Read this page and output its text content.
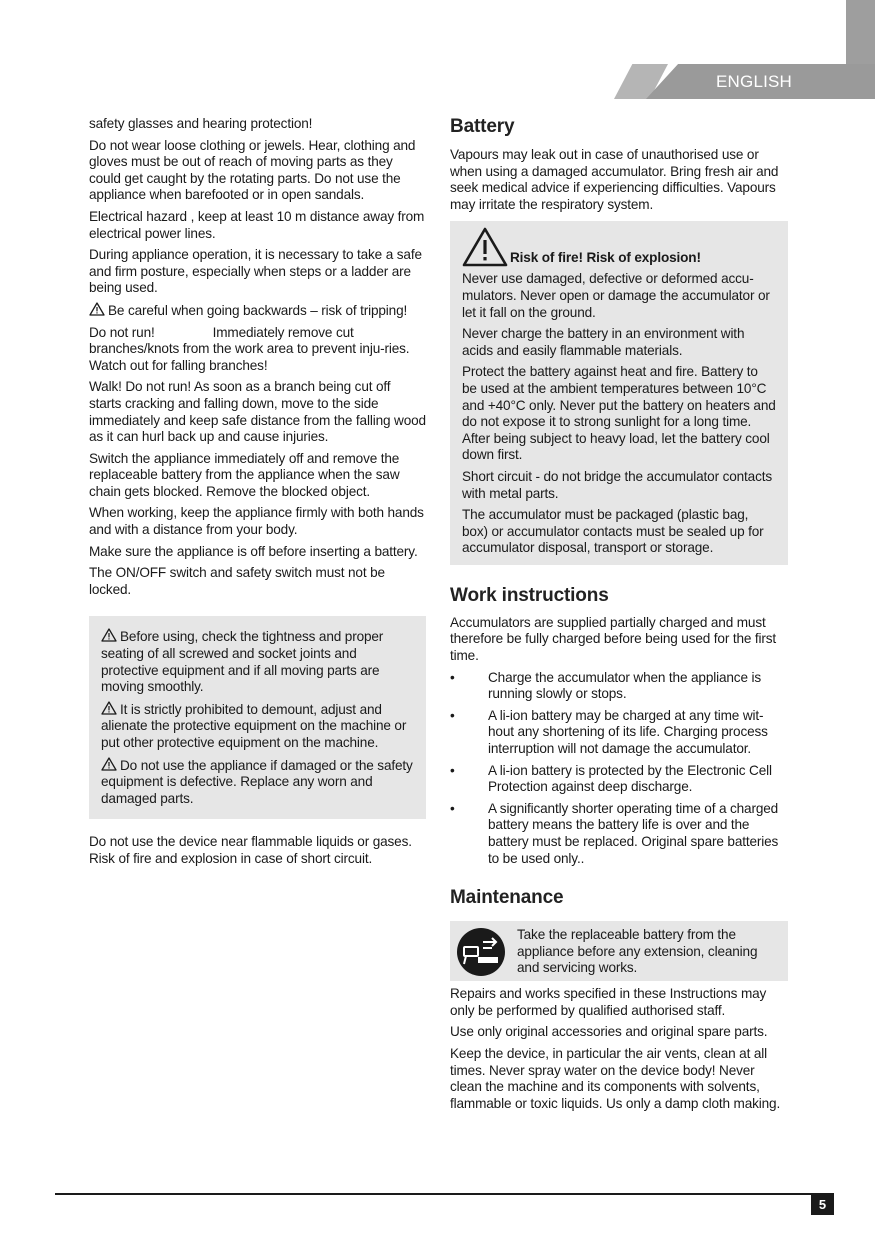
ENGLISH

safety glasses and hearing protection!

Do not wear loose clothing or jewels. Hear, clothing and gloves must be out of reach of moving parts as they could get caught by the rotating parts. Do not use the appliance when barefooted or in open sandals.

Electrical hazard , keep at least 10 m distance away from electrical power lines.

During appliance operation, it is necessary to take a safe and firm posture, especially when steps or a ladder are being used.

Be careful when going backwards – risk of tripping!

Do not run!                Immediately remove cut branches/knots from the work area to prevent inju-ries. Watch out for falling branches!

Walk! Do not run! As soon as a branch being cut off starts cracking and falling down, move to the side immediately and keep safe distance from the falling wood as it can hurl back up and cause injuries.

Switch the appliance immediately off and remove the replaceable battery from the appliance when the saw chain gets blocked. Remove the blocked object.

When working, keep the appliance firmly with both hands and with a distance from your body.

Make sure the appliance is off before inserting a battery.

The ON/OFF switch and safety switch must not be locked.

Before using, check the tightness and proper seating of all screwed and socket joints and protective equipment and if all moving parts are moving smoothly.

It is strictly prohibited to demount, adjust and alienate the protective equipment on the machine or put other protective equipment on the machine.

Do not use the appliance if damaged or the safety equipment is defective. Replace any worn and damaged parts.

Do not use the device near flammable liquids or gases. Risk of fire and explosion in case of short circuit.

Battery

Vapours may leak out in case of unauthorised use or when using a damaged accumulator. Bring fresh air and seek medical advice if experiencing difficulties. Vapours may irritate the respiratory system.

Risk of fire! Risk of explosion!

Never use damaged, defective or deformed accu-mulators. Never open or damage the accumulator or let it fall on the ground.

Never charge the battery in an environment with acids and easily flammable materials.

Protect the battery against heat and fire. Battery to be used at the ambient temperatures between 10°C and +40°C only. Never put the battery on heaters and do not expose it to strong sunlight for a long time. After being subject to heavy load, let the battery cool down first.

Short circuit - do not bridge the accumulator contacts with metal parts.

The accumulator must be packaged (plastic bag, box) or accumulator contacts must be sealed up for accumulator disposal, transport or storage.

Work instructions

Accumulators are supplied partially charged and must therefore be fully charged before being used for the first time.

• Charge the accumulator when the appliance is running slowly or stops.
• A li-ion battery may be charged at any time wit-hout any shortening of its life. Charging process interruption will not damage the accumulator.
• A li-ion battery is protected by the Electronic Cell Protection against deep discharge.
• A significantly shorter operating time of a charged battery means the battery life is over and the battery must be replaced. Original spare batteries to be used only..
Maintenance
Take the replaceable battery from the appliance before any extension, cleaning and servicing works.

Repairs and works specified in these Instructions may only be performed by qualified authorised staff.

Use only original accessories and original spare parts.

Keep the device, in particular the air vents, clean at all times. Never spray water on the device body! Never clean the machine and its components with solvents, flammable or toxic liquids. Us only a damp cloth making.

5
